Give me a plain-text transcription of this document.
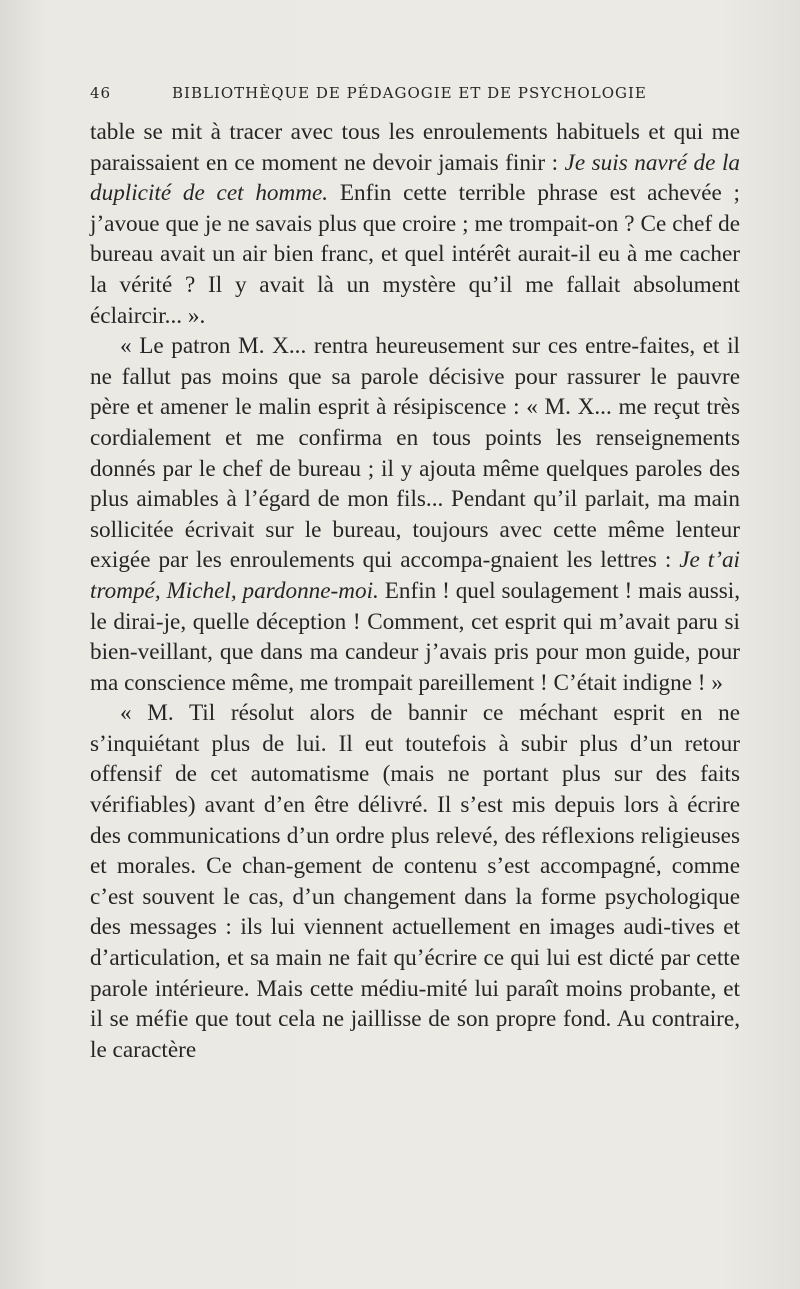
46	BIBLIOTHÈQUE DE PÉDAGOGIE ET DE PSYCHOLOGIE

table se mit à tracer avec tous les enroulements habituels et qui me paraissaient en ce moment ne devoir jamais finir : Je suis navré de la duplicité de cet homme. Enfin cette terrible phrase est achevée ; j’avoue que je ne savais plus que croire ; me trompait-on ? Ce chef de bureau avait un air bien franc, et quel intérêt aurait-il eu à me cacher la vérité ? Il y avait là un mystère qu’il me fallait absolument éclaircir... ».

« Le patron M. X... rentra heureusement sur ces entre-faites, et il ne fallut pas moins que sa parole décisive pour rassurer le pauvre père et amener le malin esprit à résipiscence : « M. X... me reçut très cordialement et me confirma en tous points les renseignements donnés par le chef de bureau ; il y ajouta même quelques paroles des plus aimables à l’égard de mon fils... Pendant qu’il parlait, ma main sollicitée écrivait sur le bureau, toujours avec cette même lenteur exigée par les enroulements qui accompa-gnaient les lettres : Je t’ai trompé, Michel, pardonne-moi. Enfin ! quel soulagement ! mais aussi, le dirai-je, quelle déception ! Comment, cet esprit qui m’avait paru si bien-veillant, que dans ma candeur j’avais pris pour mon guide, pour ma conscience même, me trompait pareillement ! C’était indigne ! »

« M. Til résolut alors de bannir ce méchant esprit en ne s’inquiétant plus de lui. Il eut toutefois à subir plus d’un retour offensif de cet automatisme (mais ne portant plus sur des faits vérifiables) avant d’en être délivré. Il s’est mis depuis lors à écrire des communications d’un ordre plus relevé, des réflexions religieuses et morales. Ce chan-gement de contenu s’est accompagné, comme c’est souvent le cas, d’un changement dans la forme psychologique des messages : ils lui viennent actuellement en images audi-tives et d’articulation, et sa main ne fait qu’écrire ce qui lui est dicté par cette parole intérieure. Mais cette médiu-mité lui paraît moins probante, et il se méfie que tout cela ne jaillisse de son propre fond. Au contraire, le caractère
